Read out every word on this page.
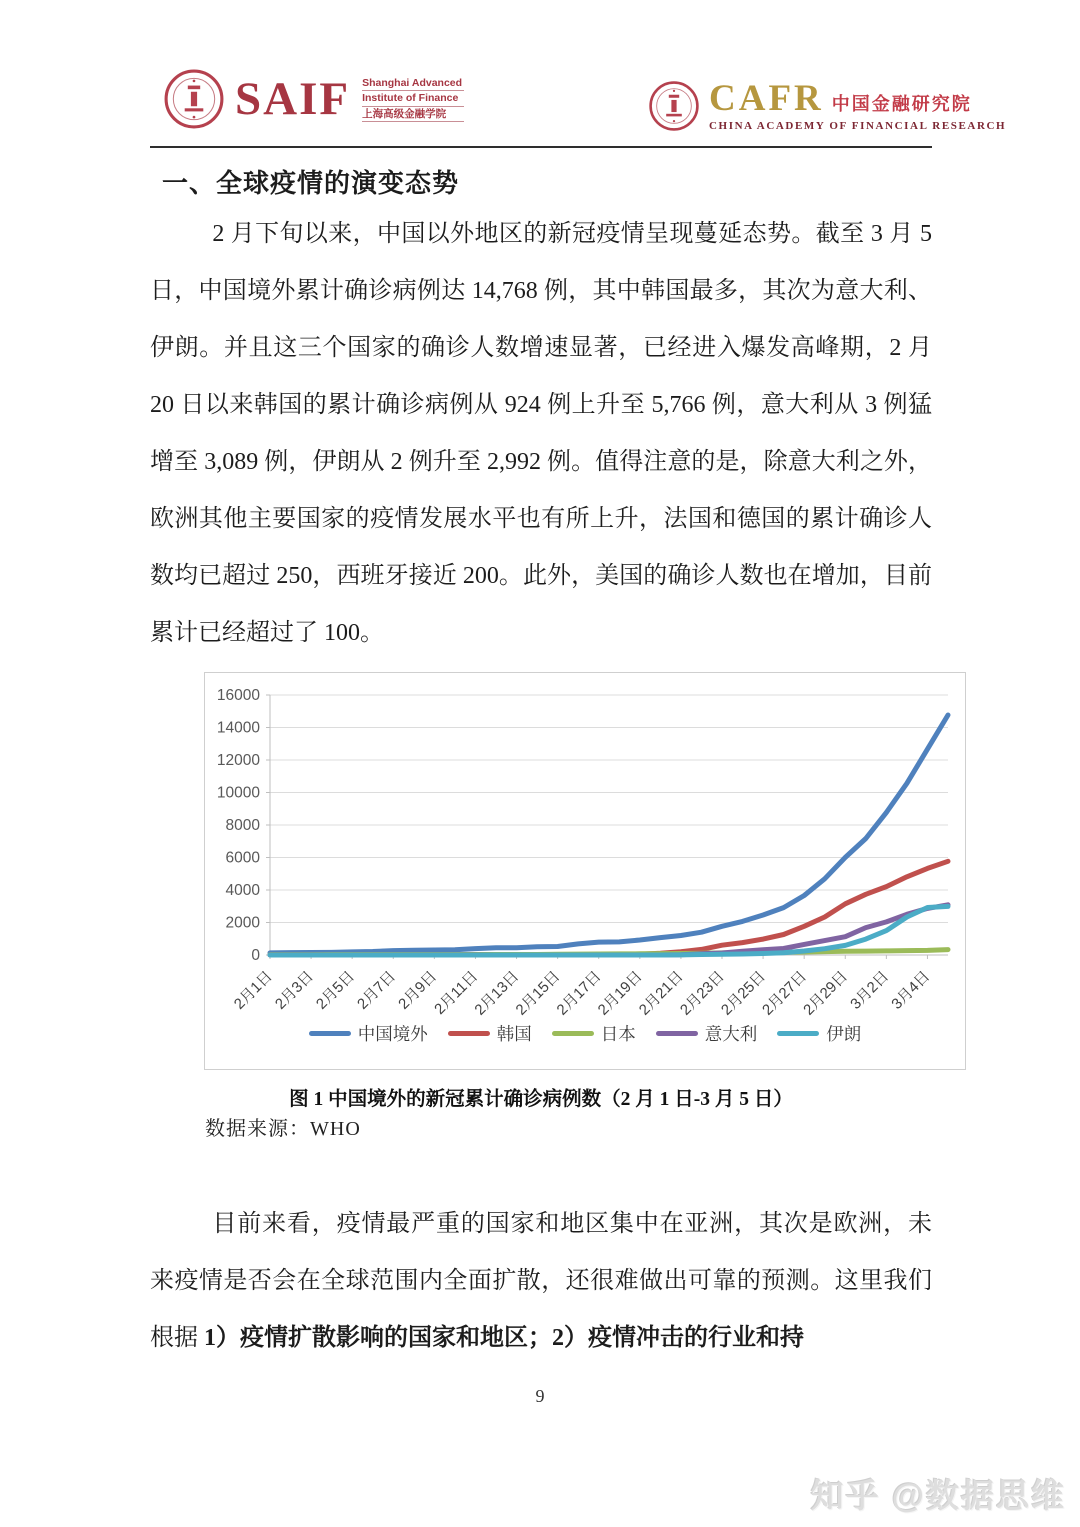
SAIF Shanghai Advanced
Institute of Finance
上海高级金融学院	CAFR 中国金融研究院
CHINA ACADEMY OF FINANCIAL RESEARCH
一、全球疫情的演变态势
2 月下旬以来，中国以外地区的新冠疫情呈现蔓延态势。截至 3 月 5 日，中国境外累计确诊病例达 14,768 例，其中韩国最多，其次为意大利、伊朗。并且这三个国家的确诊人数增速显著，已经进入爆发高峰期，2 月 20 日以来韩国的累计确诊病例从 924 例上升至 5,766 例，意大利从 3 例猛增至 3,089 例，伊朗从 2 例升至 2,992 例。值得注意的是，除意大利之外，欧洲其他主要国家的疫情发展水平也有所上升，法国和德国的累计确诊人数均已超过 250，西班牙接近 200。此外，美国的确诊人数也在增加，目前累计已经超过了 100。
0
2000
4000
6000
8000
10000
12000
14000
16000
2月1日
2月3日
2月5日
2月7日
2月9日
2月11日
2月13日
2月15日
2月17日
2月19日
2月21日
2月23日
2月25日
2月27日
2月29日
3月2日
3月4日
中国境外	韩国	日本	意大利	伊朗
图 1 中国境外的新冠累计确诊病例数（2 月 1 日-3 月 5 日）
数据来源：WHO
目前来看，疫情最严重的国家和地区集中在亚洲，其次是欧洲，未来疫情是否会在全球范围内全面扩散，还很难做出可靠的预测。这里我们根据 1）疫情扩散影响的国家和地区；2）疫情冲击的行业和持
9
知乎 @数据思维
